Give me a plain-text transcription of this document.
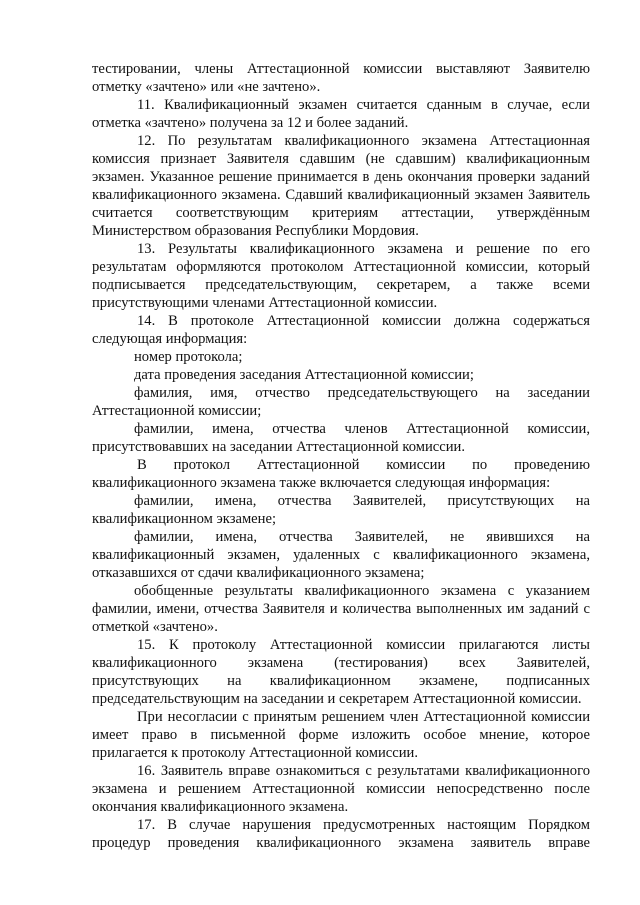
тестировании, члены Аттестационной комиссии выставляют Заявителю отметку «зачтено» или «не зачтено».

11. Квалификационный экзамен считается сданным в случае, если отметка «зачтено» получена за 12 и более заданий.

12. По результатам квалификационного экзамена Аттестационная комиссия признает Заявителя сдавшим (не сдавшим) квалификационным экзамен. Указанное решение принимается в день окончания проверки заданий квалификационного экзамена. Сдавший квалификационный экзамен Заявитель считается соответствующим критериям аттестации, утверждённым Министерством образования Республики Мордовия.

13. Результаты квалификационного экзамена и решение по его результатам оформляются протоколом Аттестационной комиссии, который подписывается председательствующим, секретарем, а также всеми присутствующими членами Аттестационной комиссии.

14. В протоколе Аттестационной комиссии должна содержаться следующая информация:

номер протокола;

дата проведения заседания Аттестационной комиссии;

фамилия, имя, отчество председательствующего на заседании Аттестационной комиссии;

фамилии, имена, отчества членов Аттестационной комиссии, присутствовавших на заседании Аттестационной комиссии.

В протокол Аттестационной комиссии по проведению квалификационного экзамена также включается следующая информация:

фамилии, имена, отчества Заявителей, присутствующих на квалификационном экзамене;

фамилии, имена, отчества Заявителей, не явившихся на квалификационный экзамен, удаленных с квалификационного экзамена, отказавшихся от сдачи квалификационного экзамена;

обобщенные результаты квалификационного экзамена с указанием фамилии, имени, отчества Заявителя и количества выполненных им заданий с отметкой «зачтено».

15. К протоколу Аттестационной комиссии прилагаются листы квалификационного экзамена (тестирования) всех Заявителей, присутствующих на квалификационном экзамене, подписанных председательствующим на заседании и секретарем Аттестационной комиссии.

При несогласии с принятым решением член Аттестационной комиссии имеет право в письменной форме изложить особое мнение, которое прилагается к протоколу Аттестационной комиссии.

16. Заявитель вправе ознакомиться с результатами квалификационного экзамена и решением Аттестационной комиссии непосредственно после окончания квалификационного экзамена.

17. В случае нарушения предусмотренных настоящим Порядком процедур проведения квалификационного экзамена заявитель вправе
